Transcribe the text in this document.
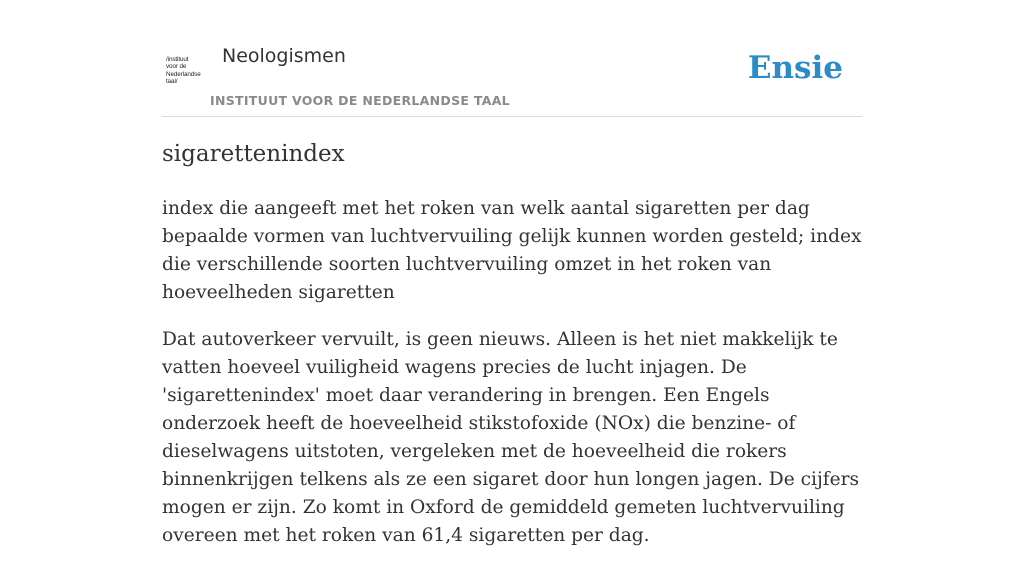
/instituut
voor de
Nederlandse
taal/
Neologismen
INSTITUUT VOOR DE NEDERLANDSE TAAL
Ensie
sigarettenindex

index die aangeeft met het roken van welk aantal sigaretten per dag bepaalde vormen van luchtvervuiling gelijk kunnen worden gesteld; index die verschillende soorten luchtvervuiling omzet in het roken van hoeveelheden sigaretten

Dat autoverkeer vervuilt, is geen nieuws. Alleen is het niet makkelijk te vatten hoeveel vuiligheid wagens precies de lucht injagen. De 'sigarettenindex' moet daar verandering in brengen. Een Engels onderzoek heeft de hoeveelheid stikstofoxide (NOx) die benzine- of dieselwagens uitstoten, vergeleken met de hoeveelheid die rokers binnenkrijgen telkens als ze een sigaret door hun longen jagen. De cijfers mogen er zijn. Zo komt in Oxford de gemiddeld gemeten luchtvervuiling overeen met het roken van 61,4 sigaretten per dag.
